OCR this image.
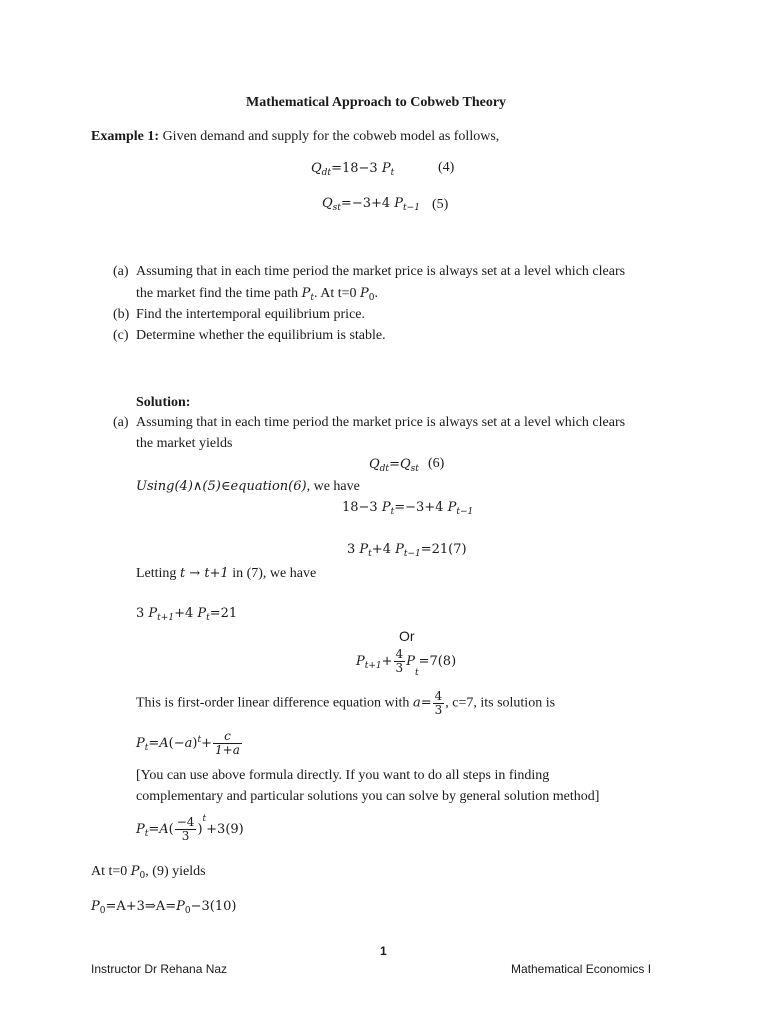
Mathematical Approach to Cobweb Theory
Example 1: Given demand and supply for the cobweb model as follows,
$Q_{dt}=18-3$ $P_t$	(4)
$Q_{st}=-3+4$ $P_{t-1}$ (5)
(a) Assuming that in each time period the market price is always set at a level which clears
the market find the time path $P_t$. At t=0 $P_0$.
(b) Find the intertemporal equilibrium price.
(c) Determine whether the equilibrium is stable.
Solution:
(a) Assuming that in each time period the market price is always set at a level which clears
the market yields
$Q_{dt}=Q_{st}$ (6)
Using(4)∧(5)∈equation(6), we have
18−3 $P_t=-3+4$ $P_{t-1}$
3 $P_t+4$ $P_{t-1}=21(7)$
Letting t → t+1 in (7), we have
3 $P_{t+1}+4$ $P_t=21$
Or
$P_{t+1}+ \frac{4}{3} P_t=7(8)$
This is first-order linear difference equation with $a= \frac{4}{3}$ , c=7, its solution is
$P_t=A(-a)^t+ \frac{c}{1+a}$
[You can use above formula directly. If you want to do all steps in finding
complementary and particular solutions you can solve by general solution method]
$P_t=A( \frac{-4}{3} )^t+3(9)$
At t=0 $P_0$, (9) yields
$P_0=A+3\Rightarrow A=P_0-3(10)$
1
Instructor Dr Rehana Naz	Mathematical Economics I
